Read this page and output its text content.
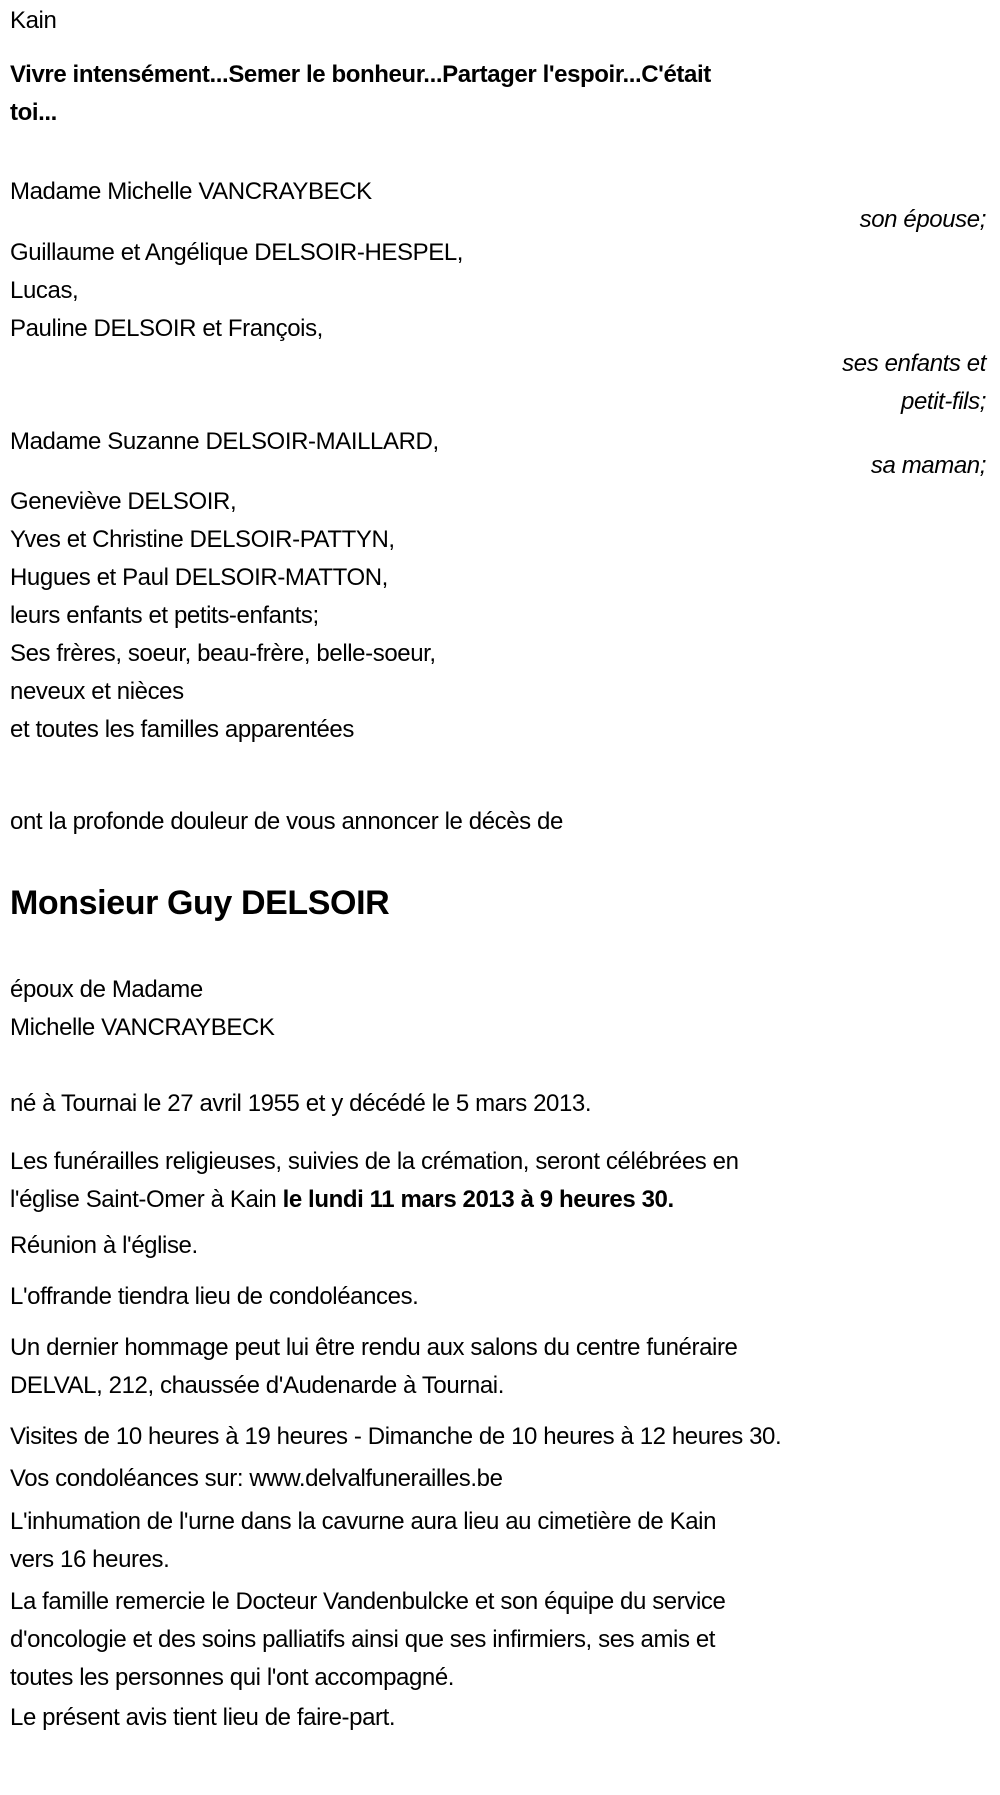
Kain
Vivre intensément...Semer le bonheur...Partager l'espoir...C'était
toi...
Madame Michelle VANCRAYBECK
son épouse;
Guillaume et Angélique DELSOIR-HESPEL,
Lucas,
Pauline DELSOIR et François,
ses enfants et
petit-fils;
Madame Suzanne DELSOIR-MAILLARD,
sa maman;
Geneviève DELSOIR,
Yves et Christine DELSOIR-PATTYN,
Hugues et Paul DELSOIR-MATTON,
leurs enfants et petits-enfants;
Ses frères, soeur, beau-frère, belle-soeur,
neveux et nièces
et toutes les familles apparentées
ont la profonde douleur de vous annoncer le décès de
Monsieur Guy DELSOIR
époux de Madame
Michelle VANCRAYBECK
né à Tournai le 27 avril 1955 et y décédé le 5 mars 2013.
Les funérailles religieuses, suivies de la crémation, seront célébrées en
l'église Saint-Omer à Kain le lundi 11 mars 2013 à 9 heures 30.
Réunion à l'église.
L'offrande tiendra lieu de condoléances.
Un dernier hommage peut lui être rendu aux salons du centre funéraire
DELVAL, 212, chaussée d'Audenarde à Tournai.
Visites de 10 heures à 19 heures - Dimanche de 10 heures à 12 heures 30.
Vos condoléances sur: www.delvalfunerailles.be
L'inhumation de l'urne dans la cavurne aura lieu au cimetière de Kain
vers 16 heures.
La famille remercie le Docteur Vandenbulcke et son équipe du service
d'oncologie et des soins palliatifs ainsi que ses infirmiers, ses amis et
toutes les personnes qui l'ont accompagné.
Le présent avis tient lieu de faire-part.
